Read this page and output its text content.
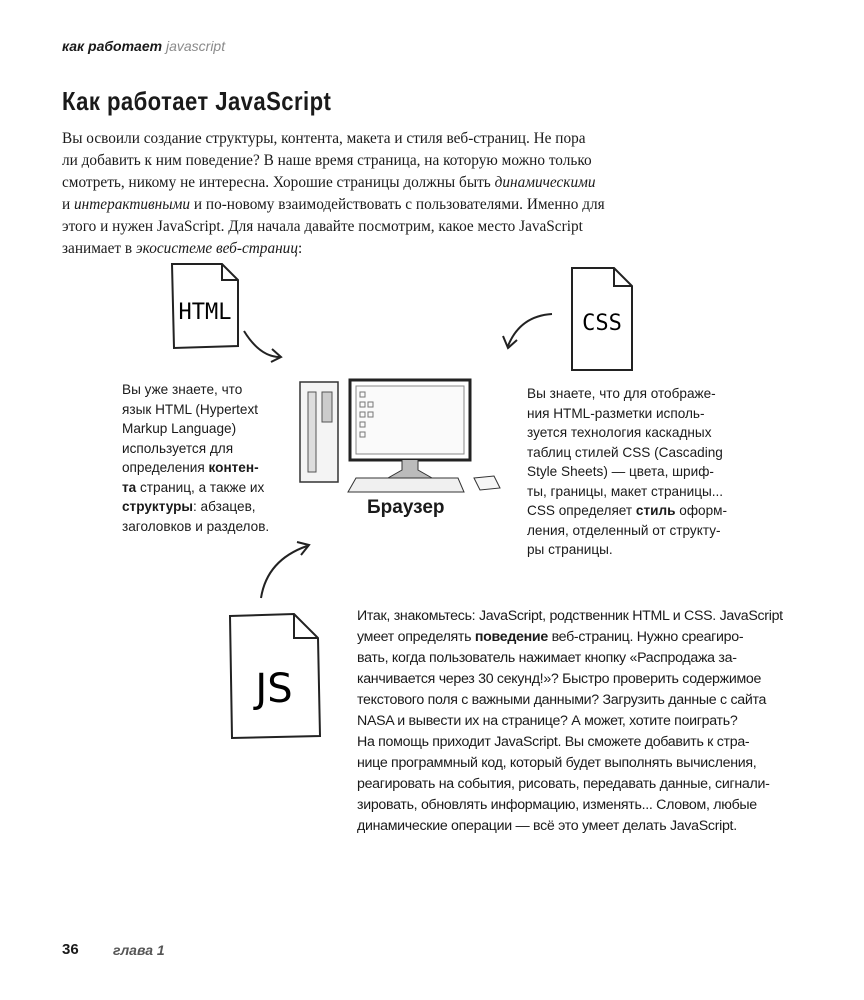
как работает javascript
Как работает JavaScript
Вы освоили создание структуры, контента, макета и стиля веб-страниц. Не пора
ли добавить к ним поведение? В наше время страница, на которую можно только
смотреть, никому не интересна. Хорошие страницы должны быть динамическими
и интерактивными и по-новому взаимодействовать с пользователями. Именно для
этого и нужен JavaScript. Для начала давайте посмотрим, какое место JavaScript
занимает в экосистеме веб-страниц:
HTML	CSS
Вы уже знаете, что
язык HTML (Hypertext
Markup Language)
используется для
определения контен-
та страниц, а также их
структуры: абзацев,
заголовков и разделов.
Браузер
Вы знаете, что для отображе-
ния HTML-разметки исполь-
зуется технология каскадных
таблиц стилей CSS (Cascading
Style Sheets) — цвета, шриф-
ты, границы, макет страницы...
CSS определяет стиль оформ-
ления, отделенный от структу-
ры страницы.
JS
Итак, знакомьтесь: JavaScript, родственник HTML и CSS. JavaScript
умеет определять поведение веб-страниц. Нужно среагиро-
вать, когда пользователь нажимает кнопку «Распродажа за-
канчивается через 30 секунд!»? Быстро проверить содержимое
текстового поля с важными данными? Загрузить данные с сайта
NASA и вывести их на странице? А может, хотите поиграть?
На помощь приходит JavaScript. Вы сможете добавить к стра-
нице программный код, который будет выполнять вычисления,
реагировать на события, рисовать, передавать данные, сигнали-
зировать, обновлять информацию, изменять... Словом, любые
динамические операции — всё это умеет делать JavaScript.
36 глава 1
